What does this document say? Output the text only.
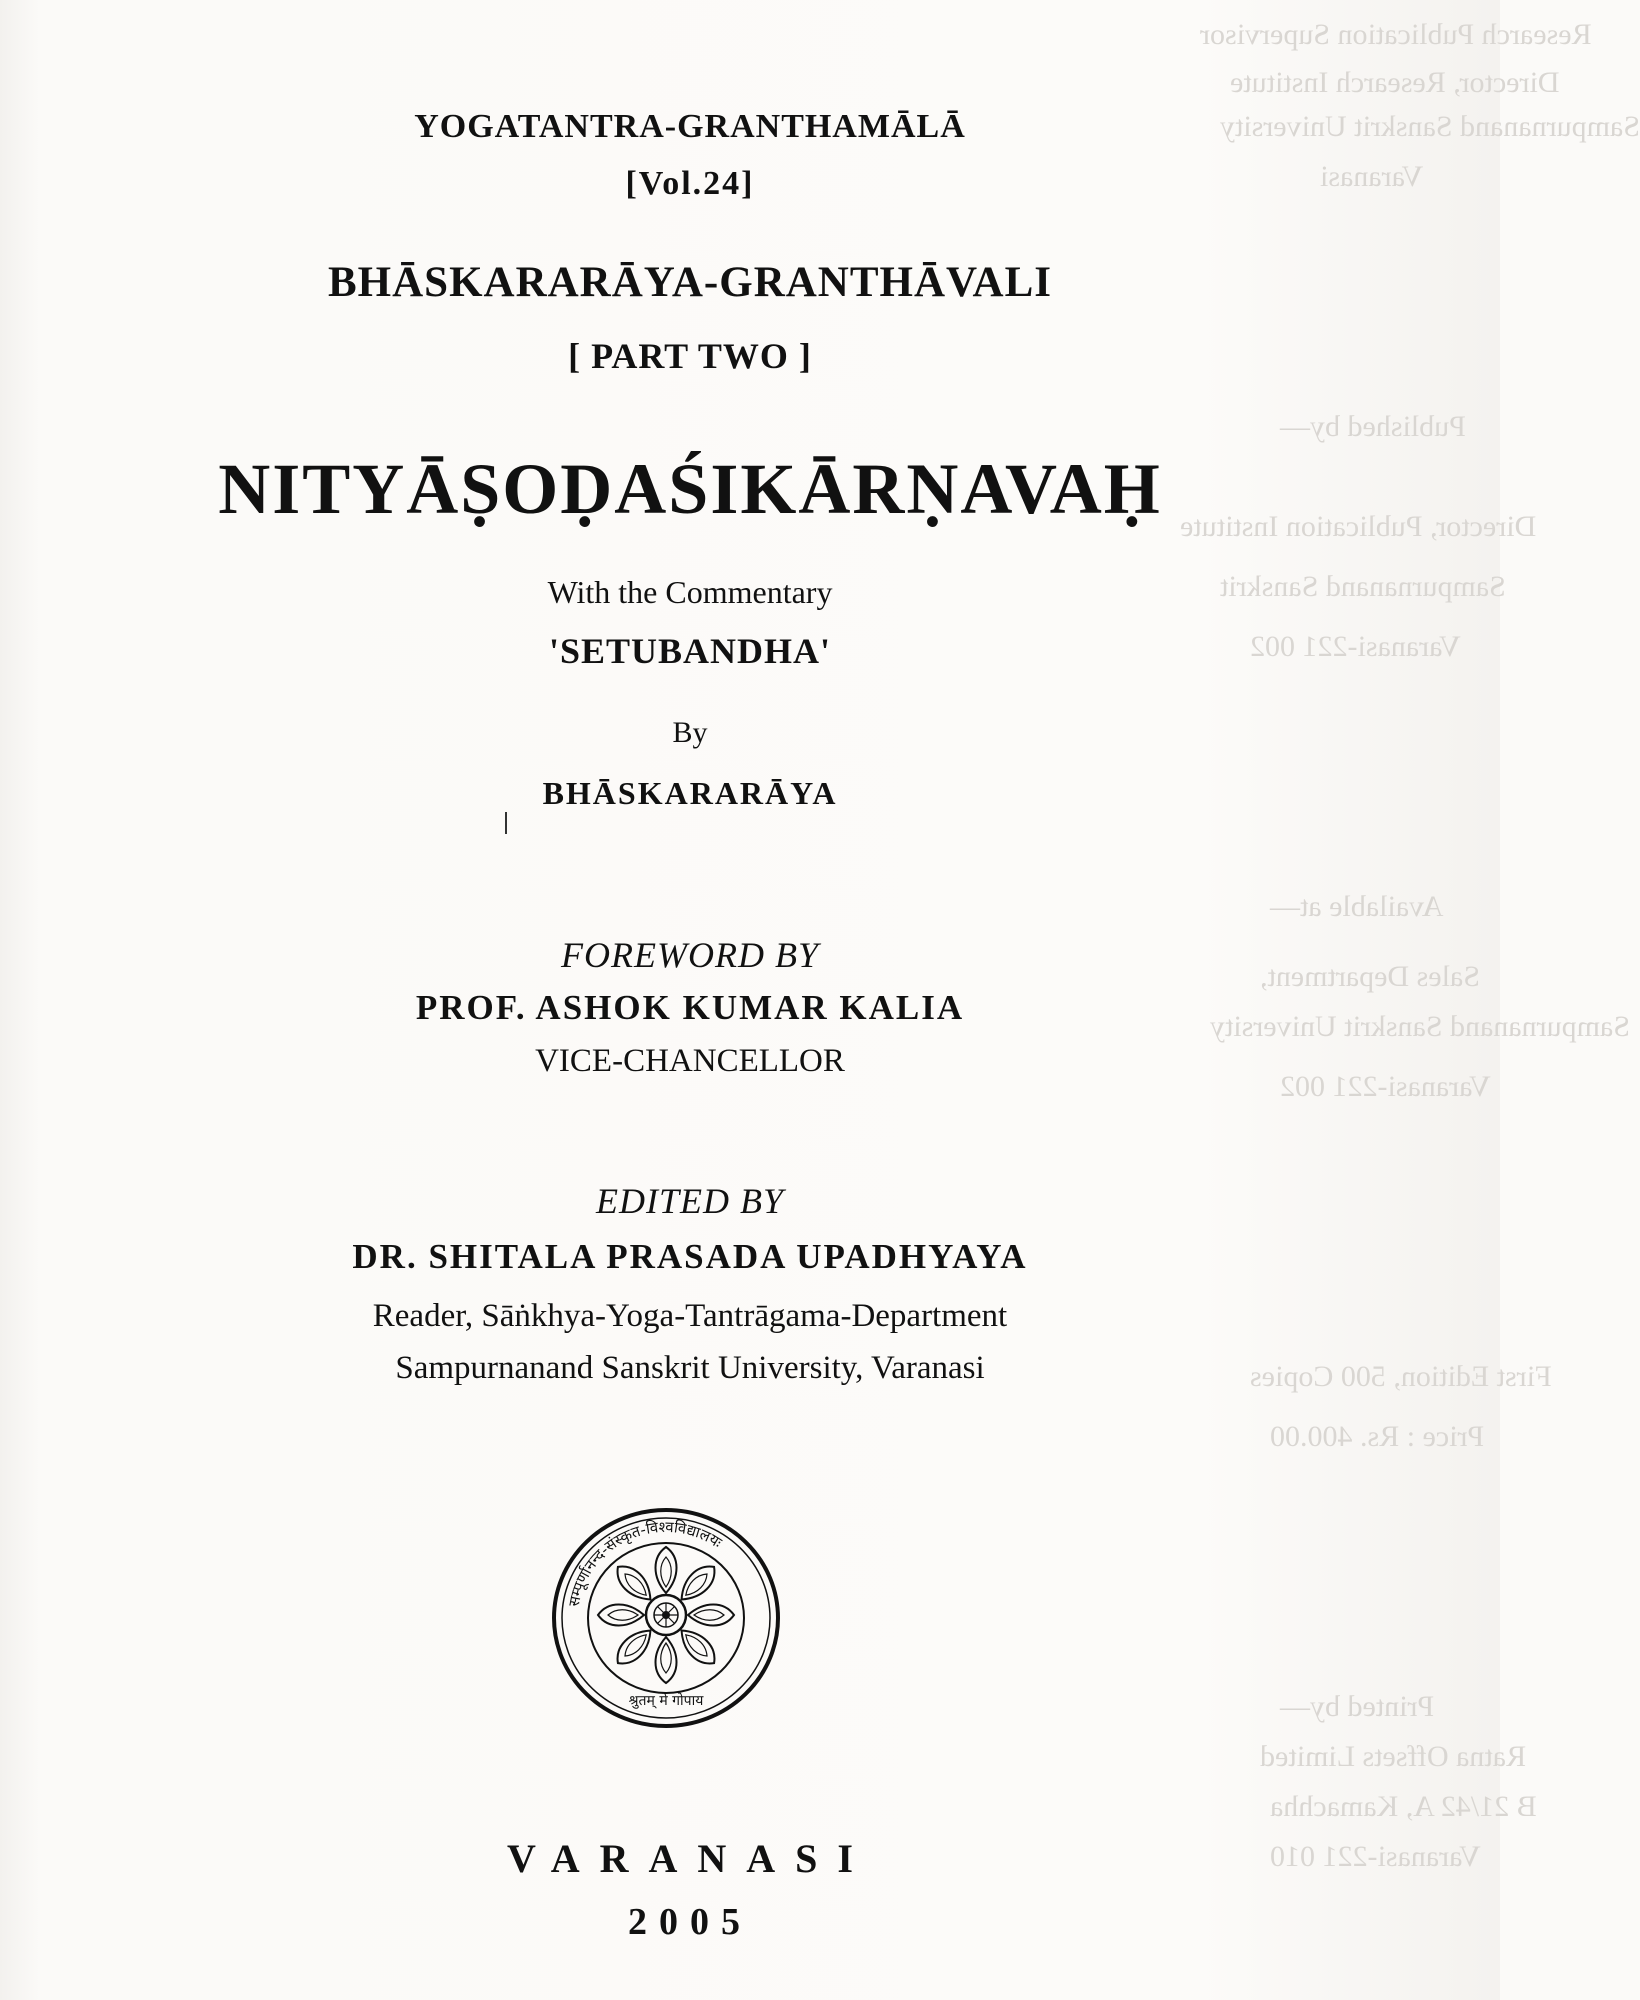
Research Publication Supervisor
Director, Research Institute
Sampurnanand Sanskrit University
Varanasi
Published by—
Director, Publication Institute
Sampurnanand Sanskrit
Varanasi-221 002
Available at—
Sales Department,
Sampurnanand Sanskrit University
Varanasi-221 002
First Edition, 500 Copies
Price : Rs. 400.00
Printed by—
Ratna Offsets Limited
B 21/42 A, Kamachha
Varanasi-221 010
YOGATANTRA-GRANTHAMĀLĀ
[Vol.24]
BHĀSKARARĀYA-GRANTHĀVALI
[ PART TWO ]
NITYĀṢOḌAŚIKĀRṆAVAḤ
With the Commentary
'SETUBANDHA'
By
BHĀSKARARĀYA
FOREWORD BY
PROF. ASHOK KUMAR KALIA
VICE-CHANCELLOR
EDITED BY
DR. SHITALA PRASADA UPADHYAYA
Reader, Sāṅkhya-Yoga-Tantrāgama-Department
Sampurnanand Sanskrit University, Varanasi
सम्पूर्णानन्द-संस्कृत-विश्वविद्यालयः
श्रुतम् मे गोपाय
VARANASI
2005
